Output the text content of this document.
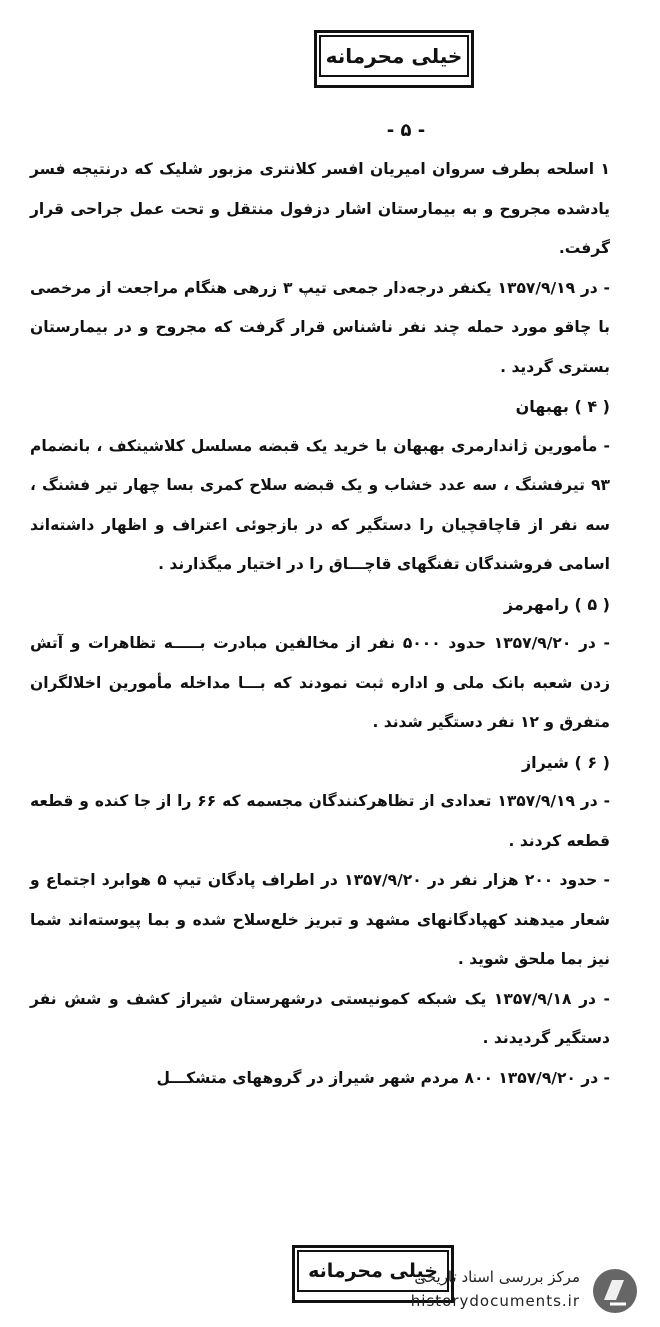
خیلی محرمانه
- ۵ -

۱ اسلحه بطرف سروان امیریان افسر کلانتری مزبور شلیک که درنتیجه فسر یادشده مجروح و به بیمارستان اشار دزفول منتقل و تحت عمل جراحی قرار گرفت.

- در ۱۳۵۷/۹/۱۹ یکنفر درجه‌دار جمعی تیپ ۳ زرهی هنگام مراجعت از مرخصی با چاقو مورد حمله چند نفر ناشناس قرار گرفت که مجروح و در بیمارستان بستری گردید .

( ۴ ) بهبهان

- مأمورین ژاندارمری بهبهان با خرید یک قبضه مسلسل کلاشینکف ، بانضمام ۹۳ تیرفشنگ ، سه عدد خشاب و یک قبضه سلاح کمری بسا چهار تیر فشنگ ، سه نفر از قاچاقچیان را دستگیر که در بازجوئی اعتراف و اظهار داشته‌اند اسامی فروشندگان تفنگهای قاچـــاق را در اختیار میگذارند .

( ۵ ) رامهرمز

- در ۱۳۵۷/۹/۲۰ حدود ۵۰۰۰ نفر از مخالفین مبادرت بـــــه تظاهرات و آتش زدن شعبه بانک ملی و اداره ثبت نمودند که بـــا مداخله مأمورین اخلالگران متفرق و ۱۲ نفر دستگیر شدند .

( ۶ ) شیراز

- در ۱۳۵۷/۹/۱۹ تعدادی از تظاهرکنندگان مجسمه که ۶۶ را از جا کنده و قطعه قطعه کردند .

- حدود ۲۰۰ هزار نفر در ۱۳۵۷/۹/۲۰ در اطراف پادگان تیپ ۵ هوابرد اجتماع و شعار میدهند کهپادگانهای مشهد و تبریز خلع‌سلاح شده و بما پیوسته‌اند شما نیز بما ملحق شوید .

- در ۱۳۵۷/۹/۱۸ یک شبکه کمونیستی درشهرستان شیراز کشف و شش نفر دستگیر گردیدند .

- در ۱۳۵۷/۹/۲۰ ۸۰۰ مردم شهر شیراز در گروههای متشکـــل

خیلی محرمانه
مرکز بررسی اسناد تاریخی
historydocuments.ir
